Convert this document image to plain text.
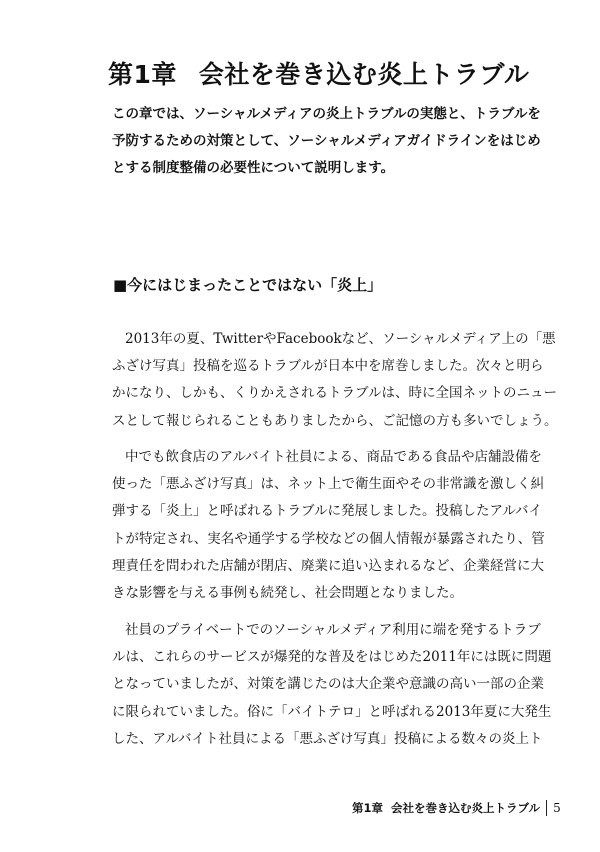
第1章 会社を巻き込む炎上トラブル
この章では、ソーシャルメディアの炎上トラブルの実態と、トラブルを
予防するための対策として、ソーシャルメディアガイドラインをはじめ
とする制度整備の必要性について説明します。
■今にはじまったことではない「炎上」
2013年の夏、TwitterやFacebookなど、ソーシャルメディア上の「悪
ふざけ写真」投稿を巡るトラブルが日本中を席巻しました。次々と明ら
かになり、しかも、くりかえされるトラブルは、時に全国ネットのニュー
スとして報じられることもありましたから、ご記憶の方も多いでしょう。
中でも飲食店のアルバイト社員による、商品である食品や店舗設備を
使った「悪ふざけ写真」は、ネット上で衛生面やその非常識を激しく糾
弾する「炎上」と呼ばれるトラブルに発展しました。投稿したアルバイ
トが特定され、実名や通学する学校などの個人情報が暴露されたり、管
理責任を問われた店舗が閉店、廃業に追い込まれるなど、企業経営に大
きな影響を与える事例も続発し、社会問題となりました。
社員のプライベートでのソーシャルメディア利用に端を発するトラブ
ルは、これらのサービスが爆発的な普及をはじめた2011年には既に問題
となっていましたが、対策を講じたのは大企業や意識の高い一部の企業
に限られていました。俗に「バイトテロ」と呼ばれる2013年夏に大発生
した、アルバイト社員による「悪ふざけ写真」投稿による数々の炎上ト
第1章 会社を巻き込む炎上トラブル 5
